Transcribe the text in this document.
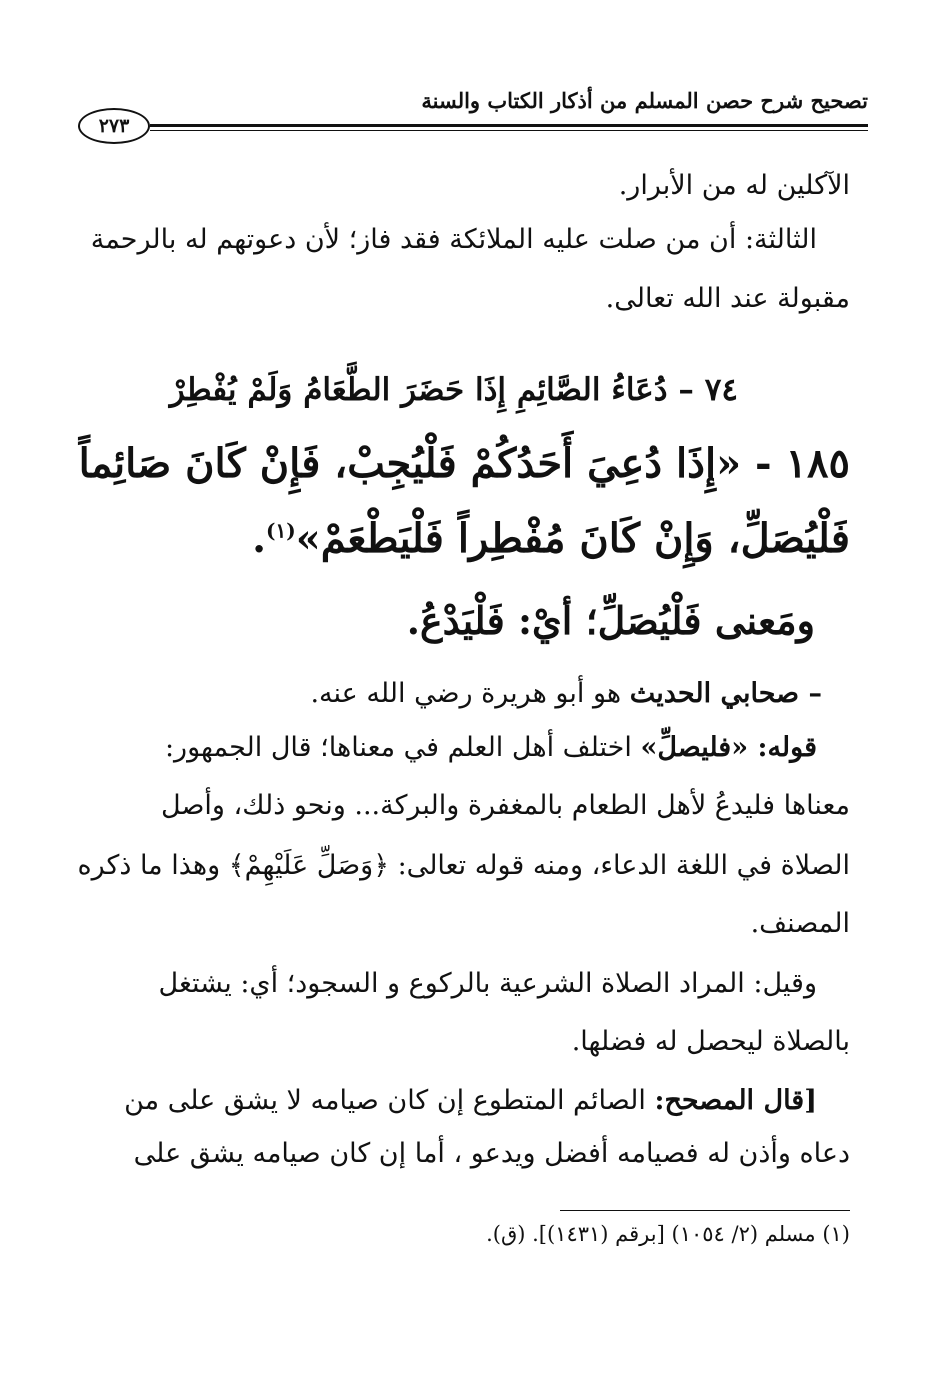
تصحيح شرح حصن المسلم من أذكار الكتاب والسنة
٢٧٣
الآكلين له من الأبرار.
الثالثة: أن من صلت عليه الملائكة فقد فاز؛ لأن دعوتهم له بالرحمة
مقبولة عند الله تعالى.
٧٤ – دُعَاءُ الصَّائِمِ إِذَا حَضَرَ الطَّعَامُ وَلَمْ يُفْطِرْ
١٨٥ - «إِذَا دُعِيَ أَحَدُكُمْ فَلْيُجِبْ، فَإِنْ كَانَ صَائِماً
فَلْيُصَلِّ، وَإِنْ كَانَ مُفْطِراً فَلْيَطْعَمْ»$^{(١)}$.
ومَعنى فَلْيُصَلِّ؛ أيْ: فَلْيَدْعُ.
– صحابي الحديث هو أبو هريرة رضي الله عنه.
قوله: «فليصلِّ» اختلف أهل العلم في معناها؛ قال الجمهور:
معناها فليدعُ لأهل الطعام بالمغفرة والبركة... ونحو ذلك، وأصل
الصلاة في اللغة الدعاء، ومنه قوله تعالى: ﴿وَصَلِّ عَلَيْهِمْ﴾ وهذا ما ذكره
المصنف.
وقيل: المراد الصلاة الشرعية بالركوع و السجود؛ أي: يشتغل
بالصلاة ليحصل له فضلها.
[قال المصحح: الصائم المتطوع إن كان صيامه لا يشق على من
دعاه وأذن له فصيامه أفضل ويدعو ، أما إن كان صيامه يشق على
(١) مسلم (٢/ ١٠٥٤) [برقم (١٤٣١)]. (ق).
